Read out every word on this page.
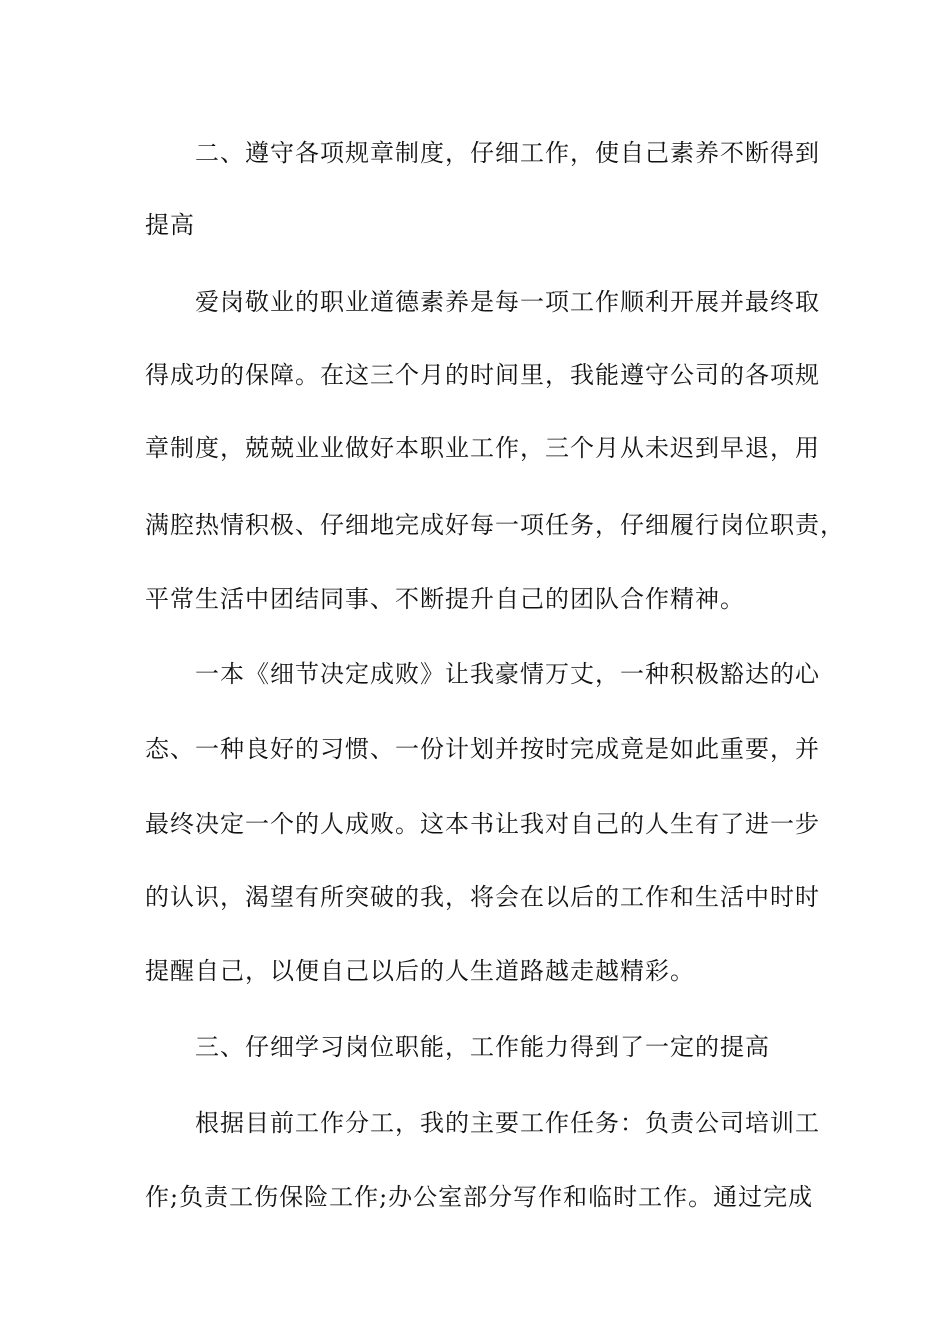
二、遵守各项规章制度，仔细工作，使自己素养不断得到
提高
爱岗敬业的职业道德素养是每一项工作顺利开展并最终取
得成功的保障。在这三个月的时间里，我能遵守公司的各项规
章制度，兢兢业业做好本职业工作，三个月从未迟到早退，用
满腔热情积极、仔细地完成好每一项任务，仔细履行岗位职责，
平常生活中团结同事、不断提升自己的团队合作精神。
一本《细节决定成败》让我豪情万丈，一种积极豁达的心
态、一种良好的习惯、一份计划并按时完成竟是如此重要，并
最终决定一个的人成败。这本书让我对自己的人生有了进一步
的认识，渴望有所突破的我，将会在以后的工作和生活中时时
提醒自己，以便自己以后的人生道路越走越精彩。
三、仔细学习岗位职能，工作能力得到了一定的提高
根据目前工作分工，我的主要工作任务：负责公司培训工
作;负责工伤保险工作;办公室部分写作和临时工作。通过完成
